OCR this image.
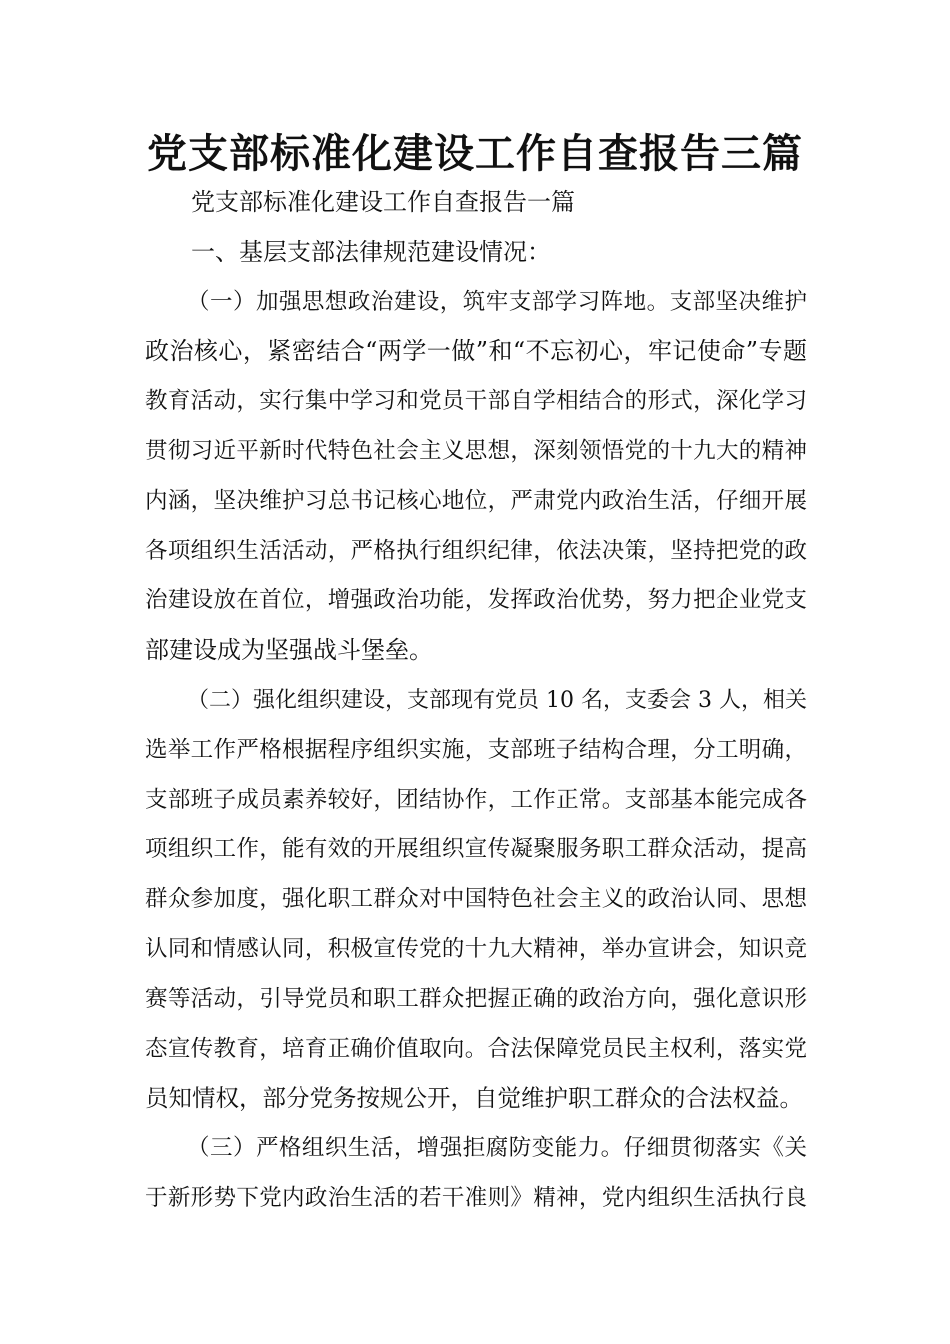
党支部标准化建设工作自查报告三篇
党支部标准化建设工作自查报告一篇
一、基层支部法律规范建设情况：
（一）加强思想政治建设，筑牢支部学习阵地。支部坚决维护
政治核心，紧密结合“两学一做”和“不忘初心，牢记使命”专题
教育活动，实行集中学习和党员干部自学相结合的形式，深化学习
贯彻习近平新时代特色社会主义思想，深刻领悟党的十九大的精神
内涵，坚决维护习总书记核心地位，严肃党内政治生活，仔细开展
各项组织生活活动，严格执行组织纪律，依法决策，坚持把党的政
治建设放在首位，增强政治功能，发挥政治优势，努力把企业党支
部建设成为坚强战斗堡垒。
（二）强化组织建设，支部现有党员 10 名，支委会 3 人，相关
选举工作严格根据程序组织实施，支部班子结构合理，分工明确，
支部班子成员素养较好，团结协作，工作正常。支部基本能完成各
项组织工作，能有效的开展组织宣传凝聚服务职工群众活动，提高
群众参加度，强化职工群众对中国特色社会主义的政治认同、思想
认同和情感认同，积极宣传党的十九大精神，举办宣讲会，知识竞
赛等活动，引导党员和职工群众把握正确的政治方向，强化意识形
态宣传教育，培育正确价值取向。合法保障党员民主权利，落实党
员知情权，部分党务按规公开，自觉维护职工群众的合法权益。
（三）严格组织生活，增强拒腐防变能力。仔细贯彻落实《关
于新形势下党内政治生活的若干准则》精神，党内组织生活执行良
